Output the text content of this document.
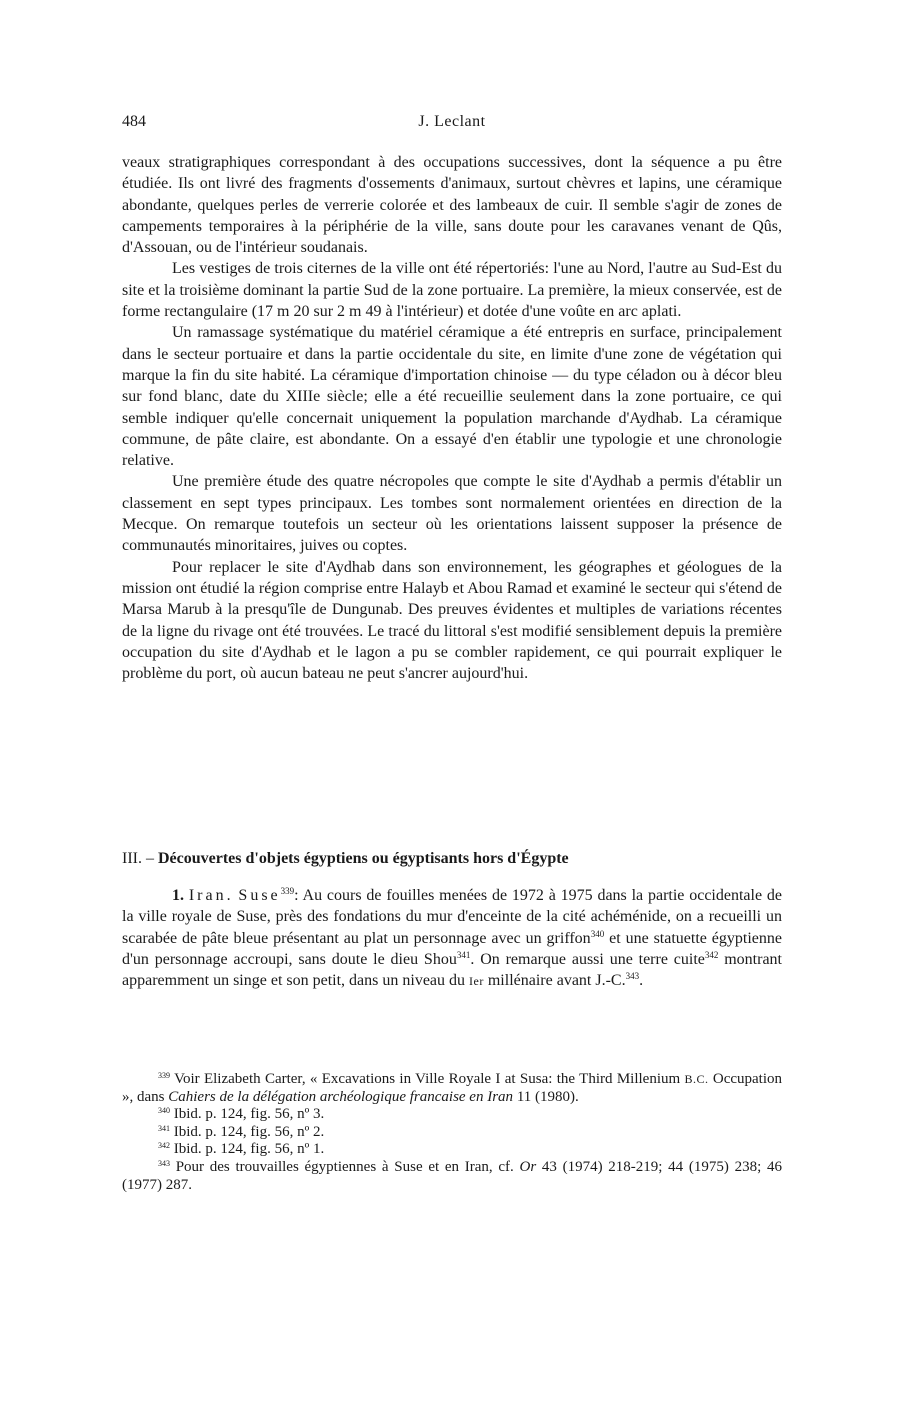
484	J. Leclant

veaux stratigraphiques correspondant à des occupations successives, dont la séquence a pu être étudiée. Ils ont livré des fragments d'ossements d'animaux, surtout chèvres et lapins, une céramique abondante, quelques perles de verrerie colorée et des lambeaux de cuir. Il semble s'agir de zones de campements temporaires à la périphérie de la ville, sans doute pour les caravanes venant de Qûs, d'Assouan, ou de l'intérieur soudanais.

Les vestiges de trois citernes de la ville ont été répertoriés: l'une au Nord, l'autre au Sud-Est du site et la troisième dominant la partie Sud de la zone portuaire. La première, la mieux conservée, est de forme rectangulaire (17 m 20 sur 2 m 49 à l'intérieur) et dotée d'une voûte en arc aplati.

Un ramassage systématique du matériel céramique a été entrepris en surface, principalement dans le secteur portuaire et dans la partie occidentale du site, en limite d'une zone de végétation qui marque la fin du site habité. La céramique d'importation chinoise — du type céladon ou à décor bleu sur fond blanc, date du XIIIe siècle; elle a été recueillie seulement dans la zone portuaire, ce qui semble indiquer qu'elle concernait uniquement la population marchande d'Aydhab. La céramique commune, de pâte claire, est abondante. On a essayé d'en établir une typologie et une chronologie relative.

Une première étude des quatre nécropoles que compte le site d'Aydhab a permis d'établir un classement en sept types principaux. Les tombes sont normalement orientées en direction de la Mecque. On remarque toutefois un secteur où les orientations laissent supposer la présence de communautés minoritaires, juives ou coptes.

Pour replacer le site d'Aydhab dans son environnement, les géographes et géologues de la mission ont étudié la région comprise entre Halayb et Abou Ramad et examiné le secteur qui s'étend de Marsa Marub à la presqu'île de Dungunab. Des preuves évidentes et multiples de variations récentes de la ligne du rivage ont été trouvées. Le tracé du littoral s'est modifié sensiblement depuis la première occupation du site d'Aydhab et le lagon a pu se combler rapidement, ce qui pourrait expliquer le problème du port, où aucun bateau ne peut s'ancrer aujourd'hui.

III. – Découvertes d'objets égyptiens ou égyptisants hors d'Égypte

1. Iran. Suse$^{339}$: Au cours de fouilles menées de 1972 à 1975 dans la partie occidentale de la ville royale de Suse, près des fondations du mur d'enceinte de la cité achéménide, on a recueilli un scarabée de pâte bleue présentant au plat un personnage avec un griffon$^{340}$ et une statuette égyptienne d'un personnage accroupi, sans doute le dieu Shou$^{341}$. On remarque aussi une terre cuite$^{342}$ montrant apparemment un singe et son petit, dans un niveau du Ier millénaire avant J.-C.$^{343}$.

$^{339}$ Voir Elizabeth Carter, « Excavations in Ville Royale I at Susa: the Third Millenium B.C. Occupation », dans Cahiers de la délégation archéologique francaise en Iran 11 (1980).

$^{340}$ Ibid. p. 124, fig. 56, nº 3.

$^{341}$ Ibid. p. 124, fig. 56, nº 2.

$^{342}$ Ibid. p. 124, fig. 56, nº 1.

$^{343}$ Pour des trouvailles égyptiennes à Suse et en Iran, cf. Or 43 (1974) 218-219; 44 (1975) 238; 46 (1977) 287.
